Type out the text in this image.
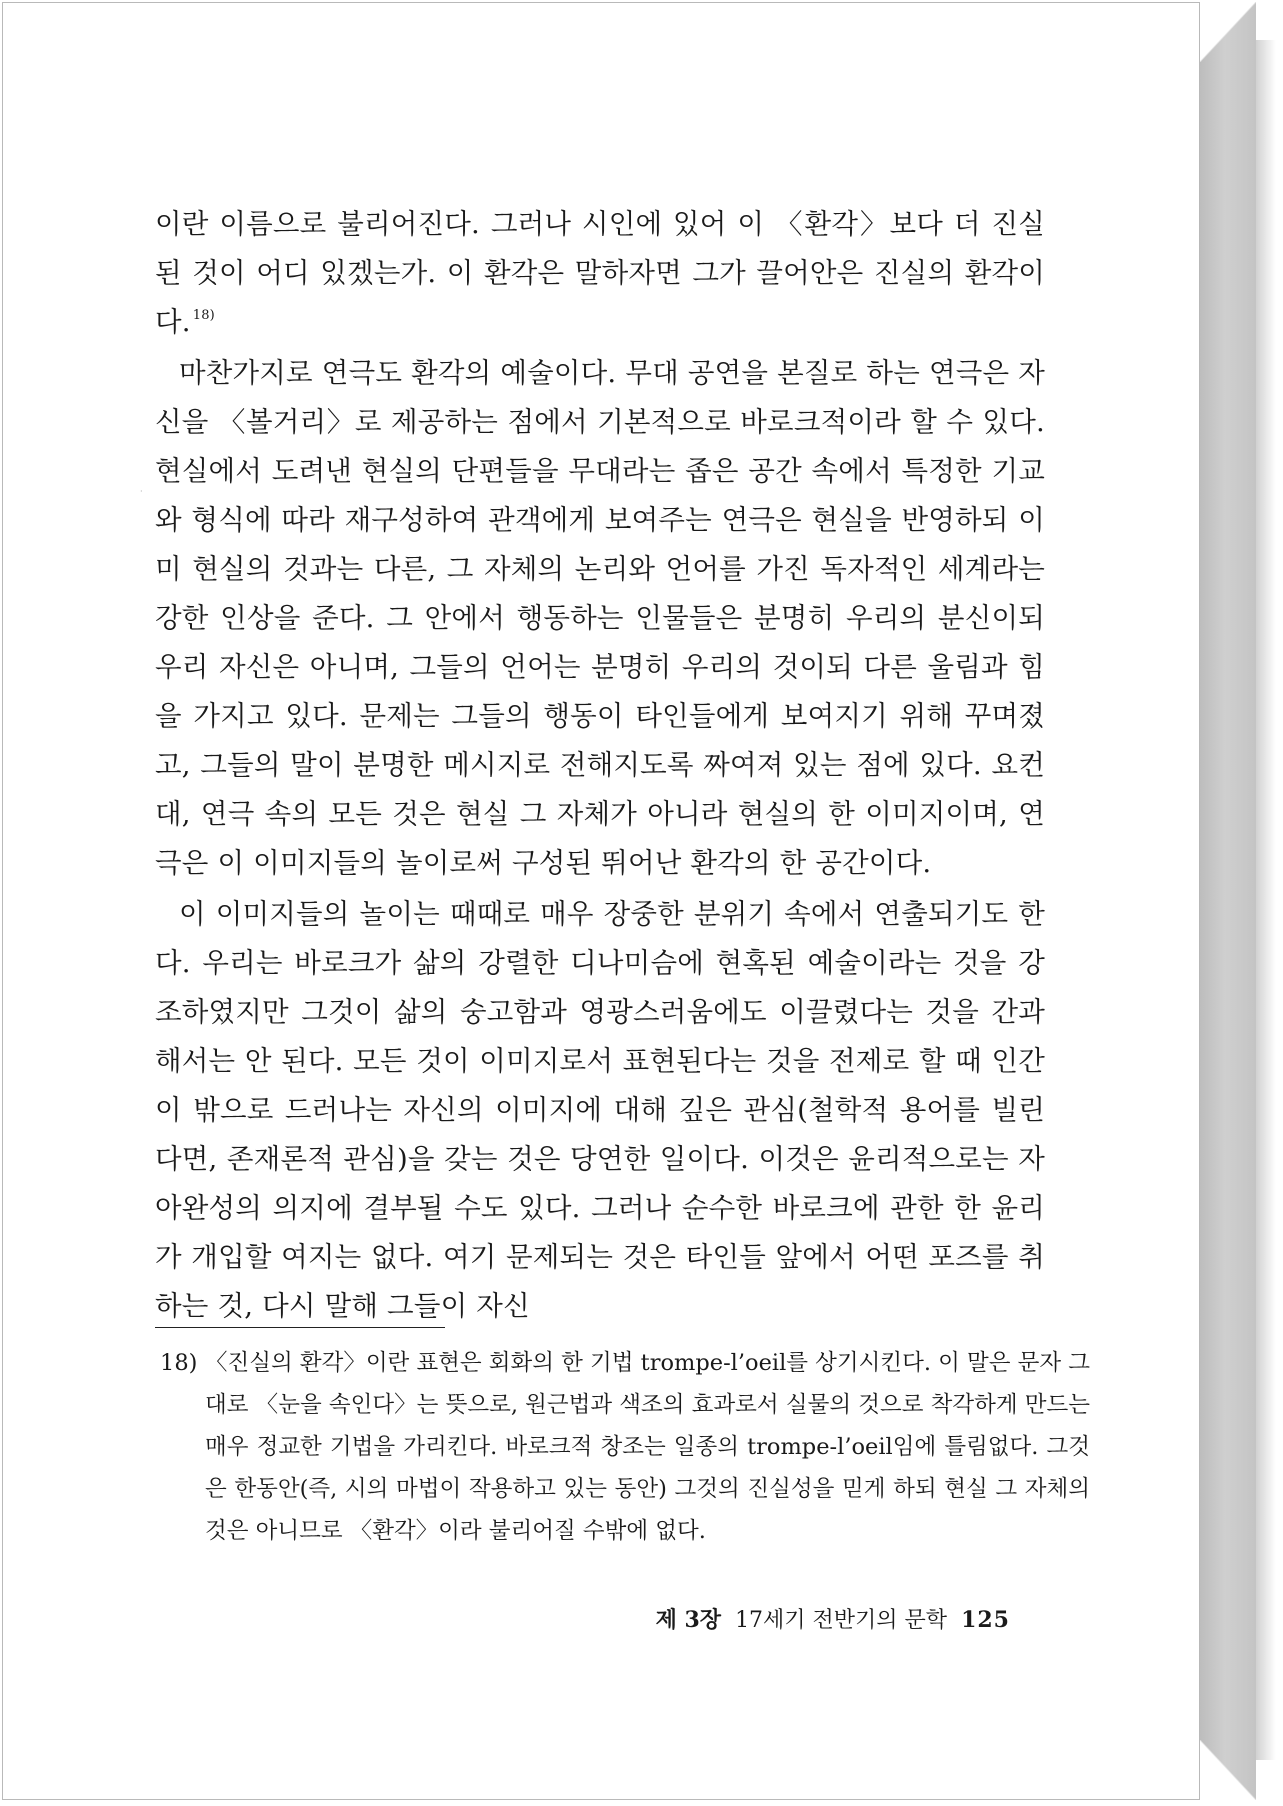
·

이란 이름으로 불리어진다. 그러나 시인에 있어 이 〈환각〉보다 더 진실된 것이 어디 있겠는가. 이 환각은 말하자면 그가 끌어안은 진실의 환각이다. $^{18)}$

마찬가지로 연극도 환각의 예술이다. 무대 공연을 본질로 하는 연극은 자신을 〈볼거리〉로 제공하는 점에서 기본적으로 바로크적이라 할 수 있다. 현실에서 도려낸 현실의 단편들을 무대라는 좁은 공간 속에서 특정한 기교와 형식에 따라 재구성하여 관객에게 보여주는 연극은 현실을 반영하되 이미 현실의 것과는 다른, 그 자체의 논리와 언어를 가진 독자적인 세계라는 강한 인상을 준다. 그 안에서 행동하는 인물들은 분명히 우리의 분신이되 우리 자신은 아니며, 그들의 언어는 분명히 우리의 것이되 다른 울림과 힘을 가지고 있다. 문제는 그들의 행동이 타인들에게 보여지기 위해 꾸며졌고, 그들의 말이 분명한 메시지로 전해지도록 짜여져 있는 점에 있다. 요컨대, 연극 속의 모든 것은 현실 그 자체가 아니라 현실의 한 이미지이며, 연극은 이 이미지들의 놀이로써 구성된 뛰어난 환각의 한 공간이다.

이 이미지들의 놀이는 때때로 매우 장중한 분위기 속에서 연출되기도 한다. 우리는 바로크가 삶의 강렬한 디나미슴에 현혹된 예술이라는 것을 강조하였지만 그것이 삶의 숭고함과 영광스러움에도 이끌렸다는 것을 간과해서는 안 된다. 모든 것이 이미지로서 표현된다는 것을 전제로 할 때 인간이 밖으로 드러나는 자신의 이미지에 대해 깊은 관심(철학적 용어를 빌린다면, 존재론적 관심)을 갖는 것은 당연한 일이다. 이것은 윤리적으로는 자아완성의 의지에 결부될 수도 있다. 그러나 순수한 바로크에 관한 한 윤리가 개입할 여지는 없다. 여기 문제되는 것은 타인들 앞에서 어떤 포즈를 취하는 것, 다시 말해 그들이 자신

18) 〈진실의 환각〉이란 표현은 회화의 한 기법 trompe-l’oeil를 상기시킨다. 이 말은 문자 그대로 〈눈을 속인다〉는 뜻으로, 원근법과 색조의 효과로서 실물의 것으로 착각하게 만드는 매우 정교한 기법을 가리킨다. 바로크적 창조는 일종의 trompe-l’oeil임에 틀림없다. 그것은 한동안(즉, 시의 마법이 작용하고 있는 동안) 그것의 진실성을 믿게 하되 현실 그 자체의 것은 아니므로 〈환각〉이라 불리어질 수밖에 없다.
제 3장 17세기 전반기의 문학 125
